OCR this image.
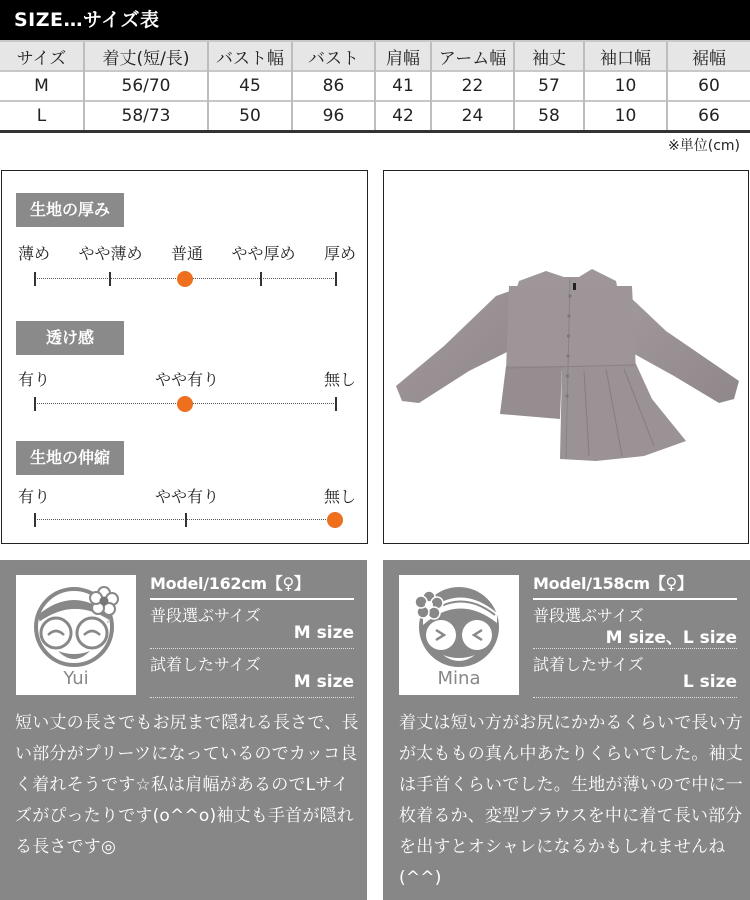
SIZE…サイズ表
サイズ	着丈(短/長)	バスト幅	バスト	肩幅	アーム幅	袖丈	袖口幅	裾幅
M	56/70	45	86	41	22	57	10	60
L	58/73	50	96	42	24	58	10	66
※単位(cm)
生地の厚み
薄め やや薄め 普通 やや厚め 厚め
透け感
有り	やや有り	無し
生地の伸縮
有り	やや有り	無し
Yui
Model/162cm【♀】
普段選ぶサイズ
M size
試着したサイズ
M size
短い丈の長さでもお尻まで隠れる長さで、長い部分がプリーツになっているのでカッコ良く着れそうです☆私は肩幅があるのでLサイズがぴったりです(o^^o)袖丈も手首が隠れる長さです◎
Mina
Model/158cm【♀】
普段選ぶサイズ
M size、L size
試着したサイズ
L size
着丈は短い方がお尻にかかるくらいで長い方が太ももの真ん中あたりくらいでした。袖丈は手首くらいでした。生地が薄いので中に一枚着るか、変型ブラウスを中に着て長い部分を出すとオシャレになるかもしれませんね(^^)
